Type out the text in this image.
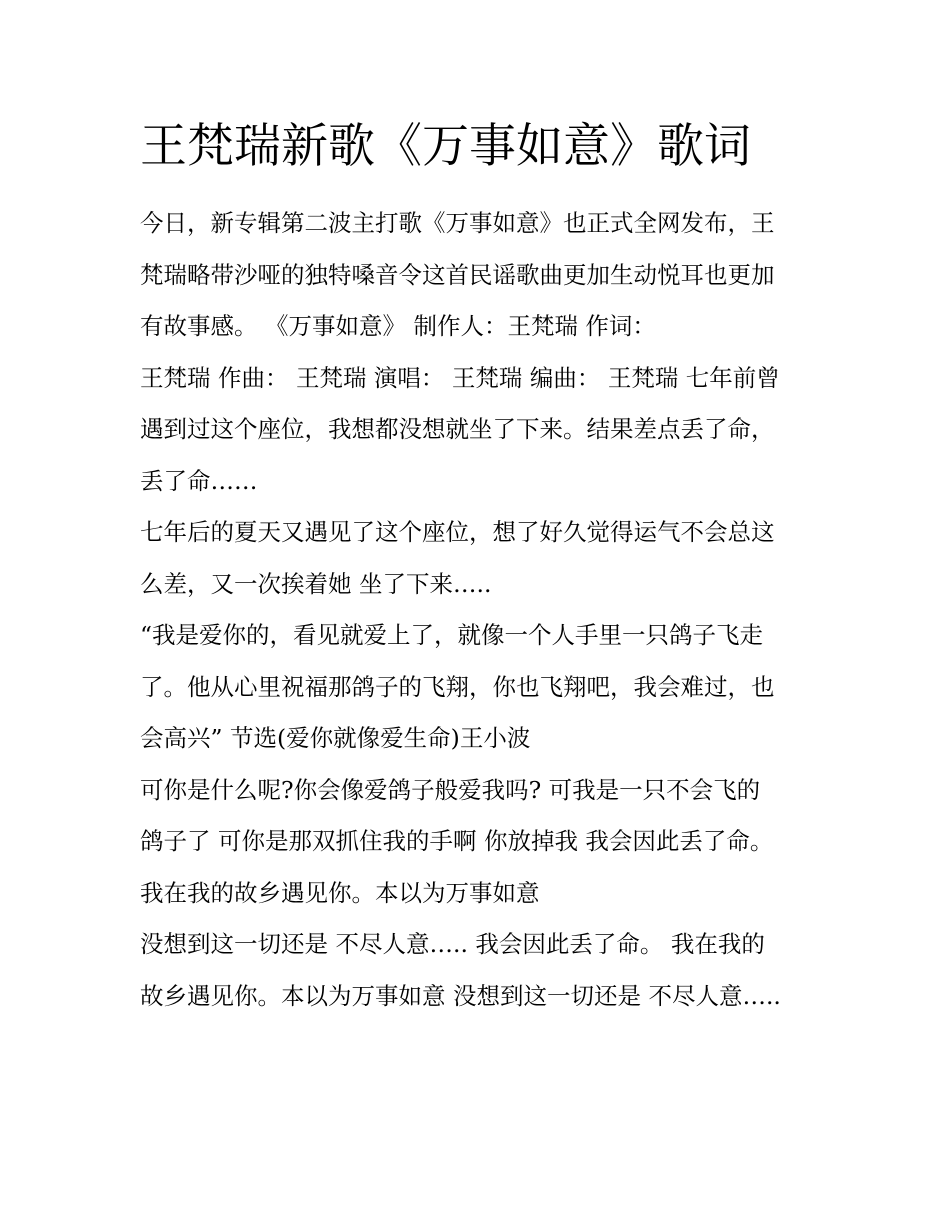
王梵瑞新歌《万事如意》歌词
今日，新专辑第二波主打歌《万事如意》也正式全网发布，王
梵瑞略带沙哑的独特嗓音令这首民谣歌曲更加生动悦耳也更加
有故事感。 《万事如意》 制作人：王梵瑞 作词：
王梵瑞 作曲： 王梵瑞 演唱： 王梵瑞 编曲： 王梵瑞 七年前曾
遇到过这个座位，我想都没想就坐了下来。结果差点丢了命，
丢了命……
七年后的夏天又遇见了这个座位，想了好久觉得运气不会总这
么差，又一次挨着她 坐了下来…..
“我是爱你的，看见就爱上了，就像一个人手里一只鸽子飞走
了。他从心里祝福那鸽子的飞翔，你也飞翔吧，我会难过，也
会高兴” 节选(爱你就像爱生命)王小波
可你是什么呢?你会像爱鸽子般爱我吗? 可我是一只不会飞的
鸽子了 可你是那双抓住我的手啊 你放掉我 我会因此丢了命。
我在我的故乡遇见你。本以为万事如意
没想到这一切还是 不尽人意….. 我会因此丢了命。 我在我的
故乡遇见你。本以为万事如意 没想到这一切还是 不尽人意…..
